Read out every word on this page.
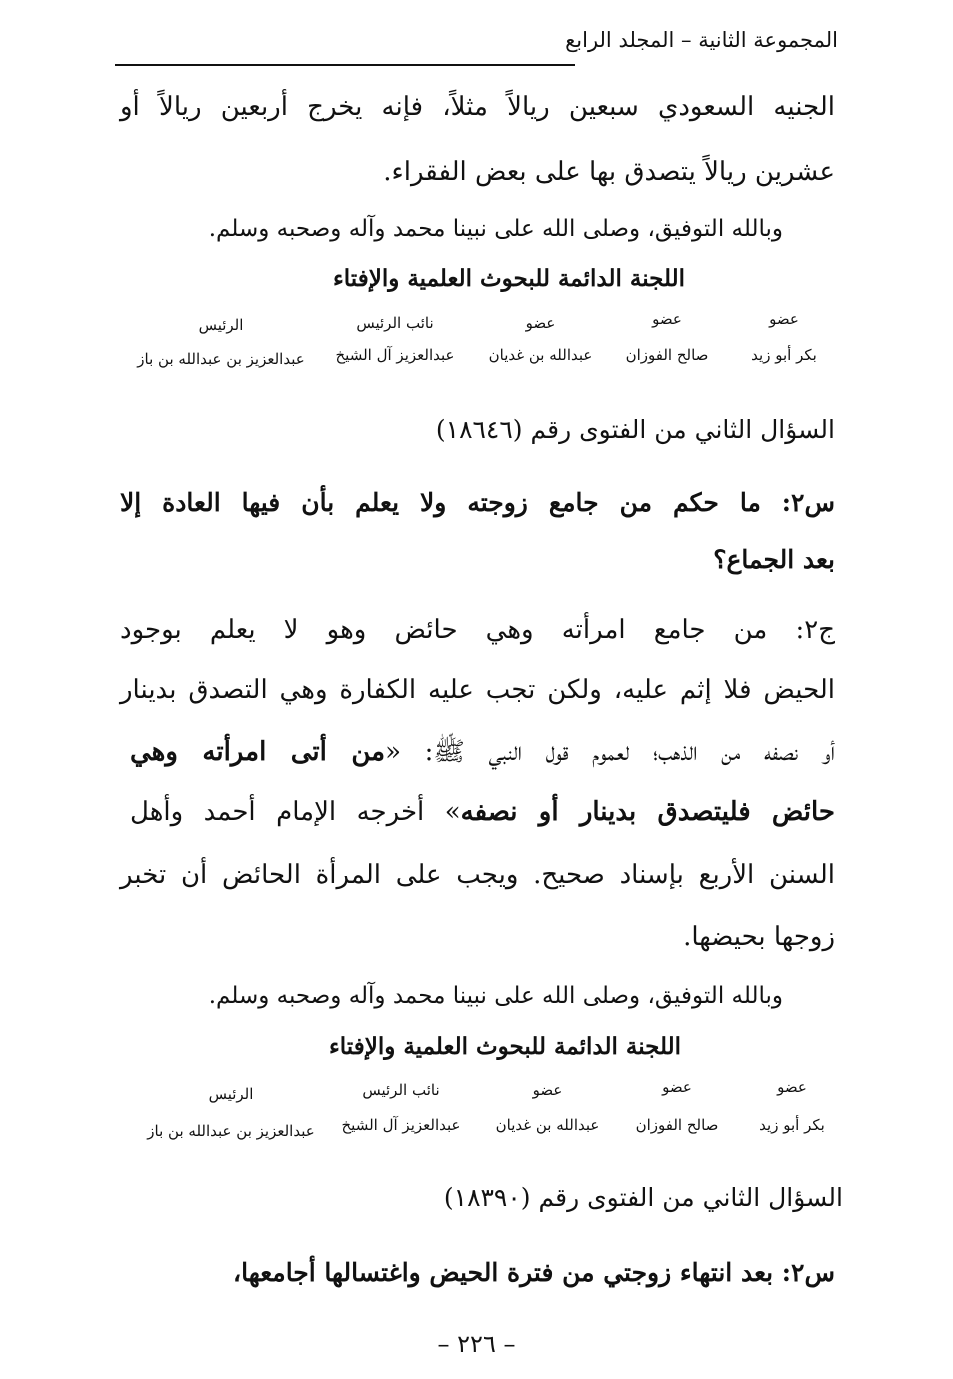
المجموعة الثانية – المجلد الرابع
الجنيه السعودي سبعين ريالاً مثلاً، فإنه يخرج أربعين ريالاً أو
عشرين ريالاً يتصدق بها على بعض الفقراء.
وبالله التوفيق، وصلى الله على نبينا محمد وآله وصحبه وسلم.
اللجنة الدائمة للبحوث العلمية والإفتاء
عضو
بكر أبو زيد
عضو
صالح الفوزان
عضو
عبدالله بن غديان
نائب الرئيس
عبدالعزيز آل الشيخ
الرئيس
عبدالعزيز بن عبدالله بن باز
السؤال الثاني من الفتوى رقم (١٨٦٤٦)
س٢: ما حكم من جامع زوجته ولا يعلم بأن فيها العادة إلا
بعد الجماع؟
ج٢: من جامع امرأته وهي حائض وهو لا يعلم بوجود
الحيض فلا إثم عليه، ولكن تجب عليه الكفارة وهي التصدق بدينار
أو نصفه من الذهب؛ لعموم قول النبي ﷺ: «من أتى امرأته وهي
حائض فليتصدق بدينار أو نصفه» أخرجه الإمام أحمد وأهل
السنن الأربع بإسناد صحيح. ويجب على المرأة الحائض أن تخبر
زوجها بحيضها.
وبالله التوفيق، وصلى الله على نبينا محمد وآله وصحبه وسلم.
اللجنة الدائمة للبحوث العلمية والإفتاء
عضو
بكر أبو زيد
عضو
صالح الفوزان
عضو
عبدالله بن غديان
نائب الرئيس
عبدالعزيز آل الشيخ
الرئيس
عبدالعزيز بن عبدالله بن باز
السؤال الثاني من الفتوى رقم (١٨٣٩٠)
س٢: بعد انتهاء زوجتي من فترة الحيض واغتسالها أجامعها،
– ٢٢٦ –
